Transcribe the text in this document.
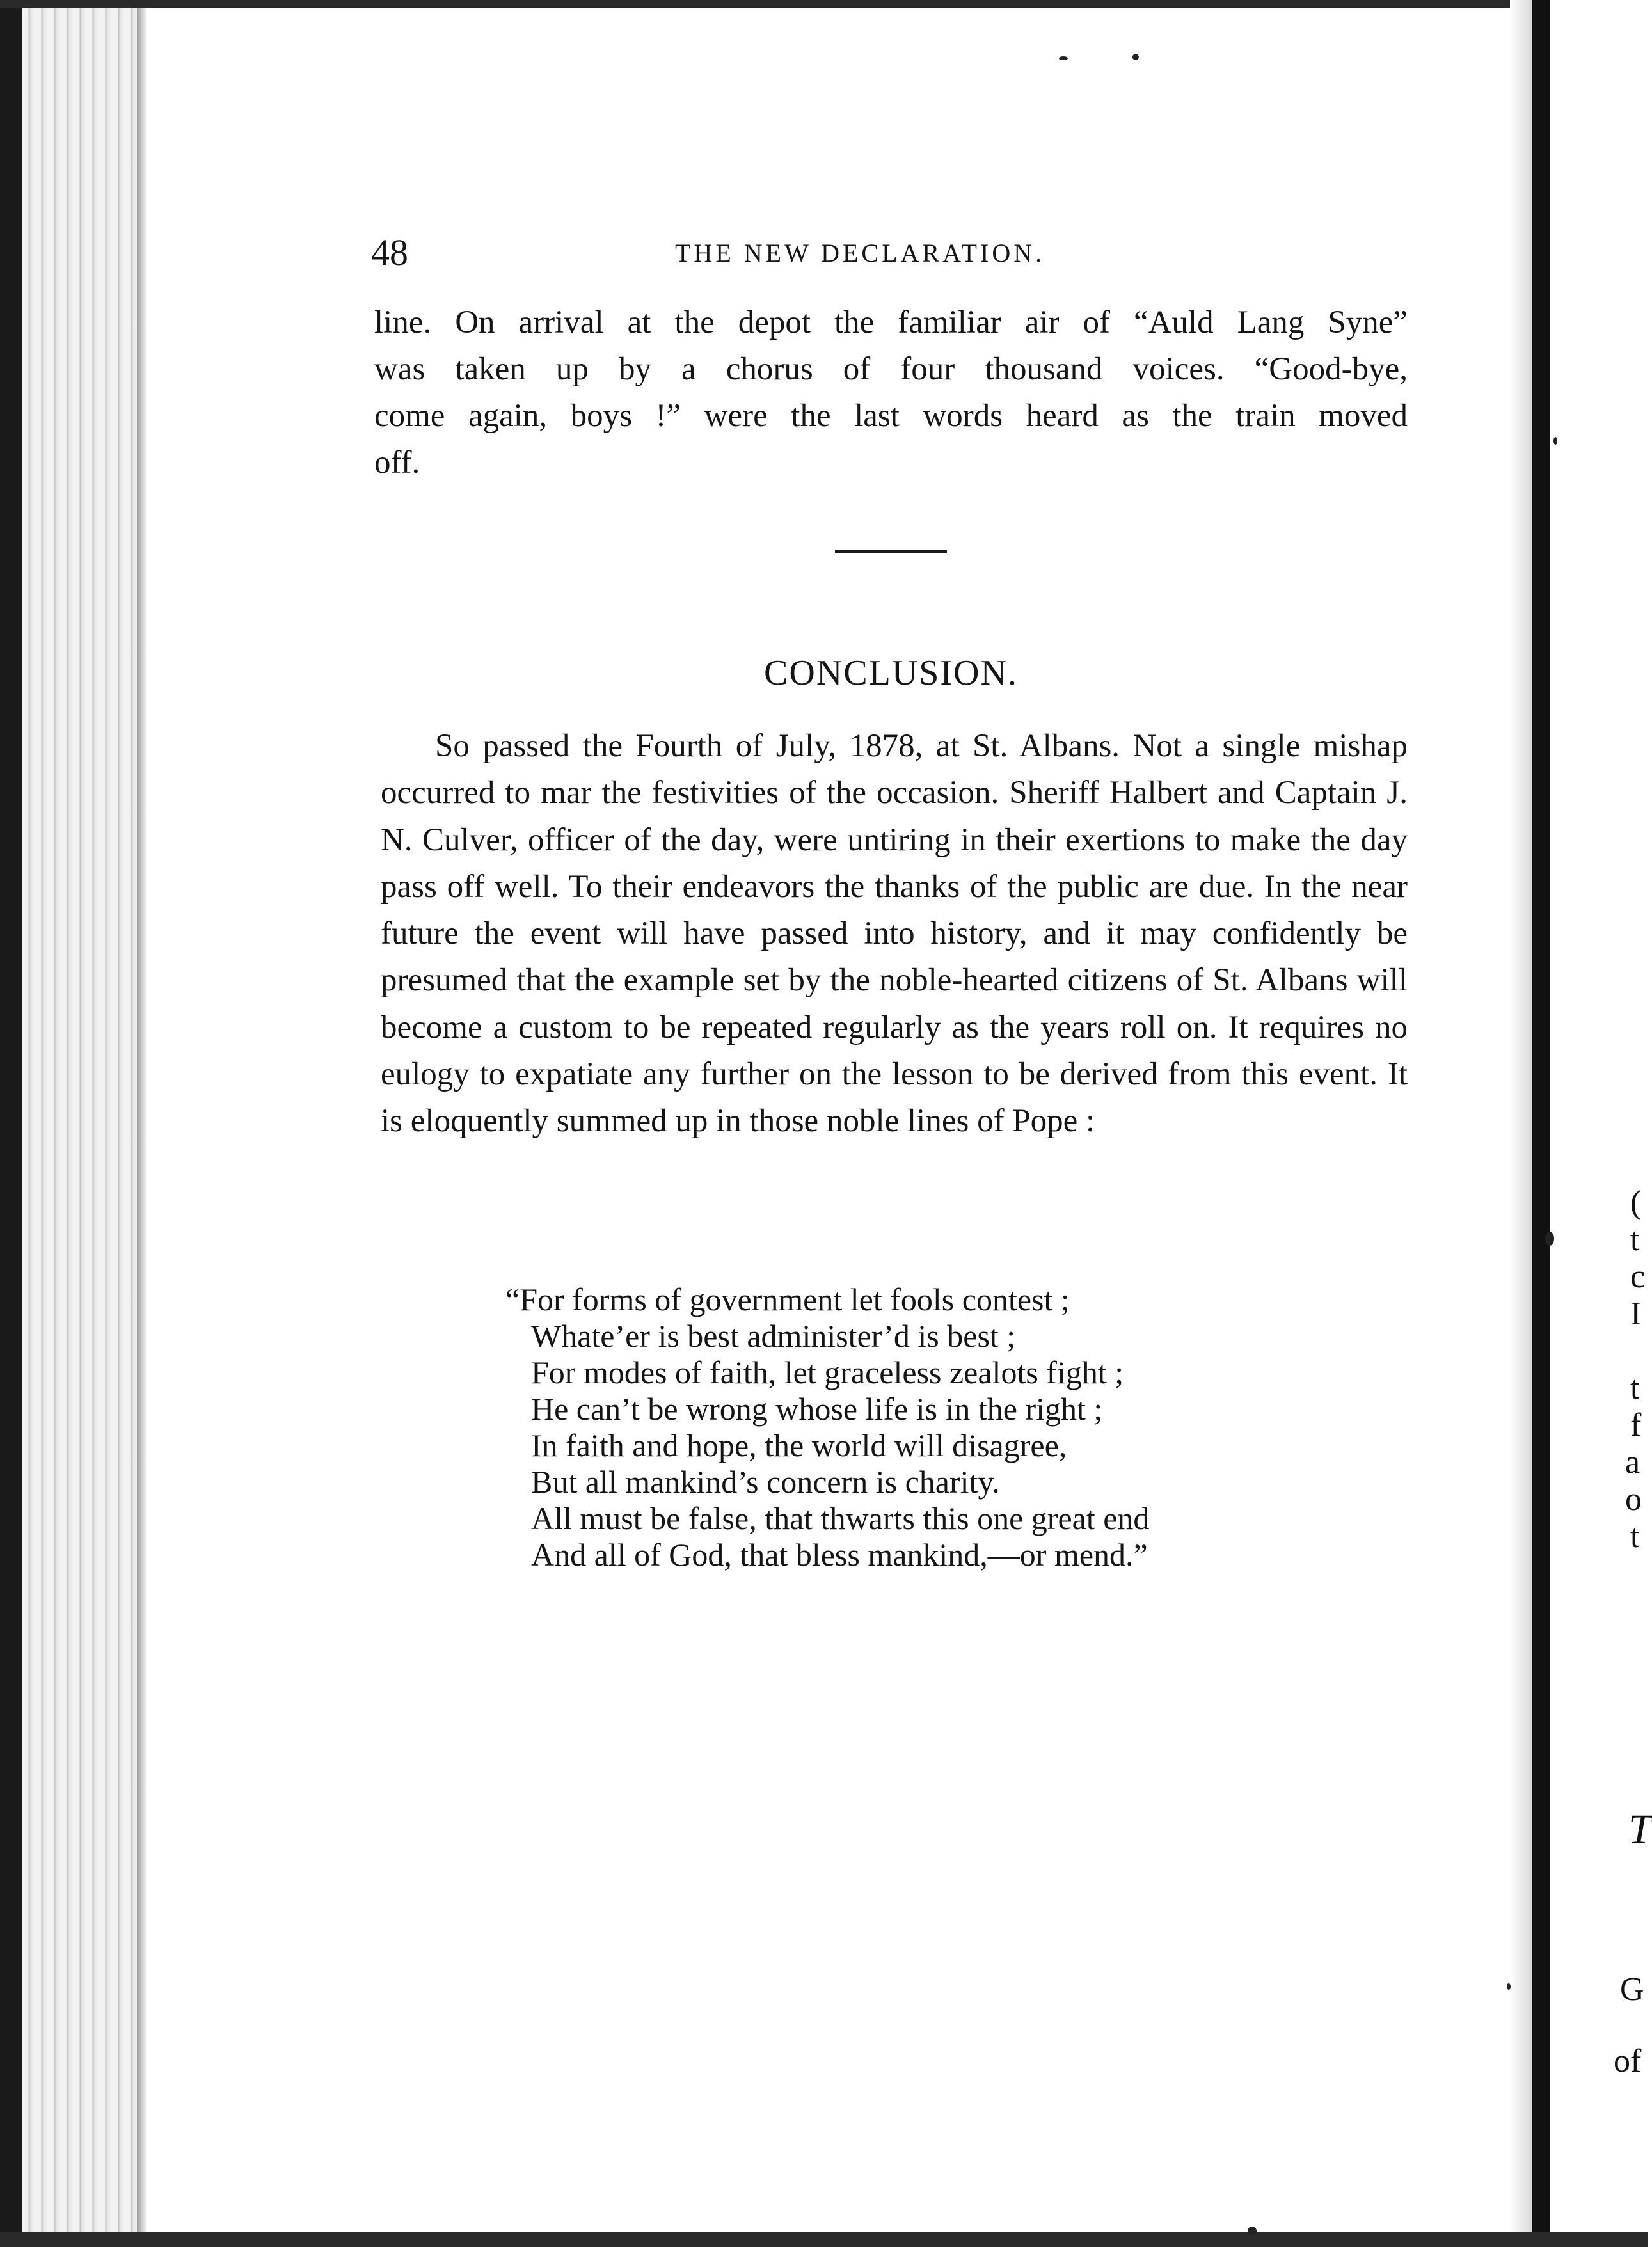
48	THE NEW DECLARATION.
line. On arrival at the depot the familiar air of “Auld Lang Syne”
was taken up by a chorus of four thousand voices. “Good-bye,
come again, boys !” were the last words heard as the train moved
off.
CONCLUSION.
So passed the Fourth of July, 1878, at St. Albans. Not a single mishap occurred to mar the festivities of the occasion. Sheriff Halbert and Captain J. N. Culver, officer of the day, were untiring in their exertions to make the day pass off well. To their endeavors the thanks of the public are due. In the near future the event will have passed into history, and it may confidently be presumed that the example set by the noble-hearted citizens of St. Albans will become a custom to be repeated regularly as the years roll on. It requires no eulogy to expatiate any further on the lesson to be derived from this event. It is eloquently summed up in those noble lines of Pope :
“For forms of government let fools contest ;
Whate’er is best administer’d is best ;
For modes of faith, let graceless zealots fight ;
He can’t be wrong whose life is in the right ;
In faith and hope, the world will disagree,
But all mankind’s concern is charity.
All must be false, that thwarts this one great end
And all of God, that bless mankind,—or mend.”
(
t
c
I
t
f
a
o
t
T
G
of
